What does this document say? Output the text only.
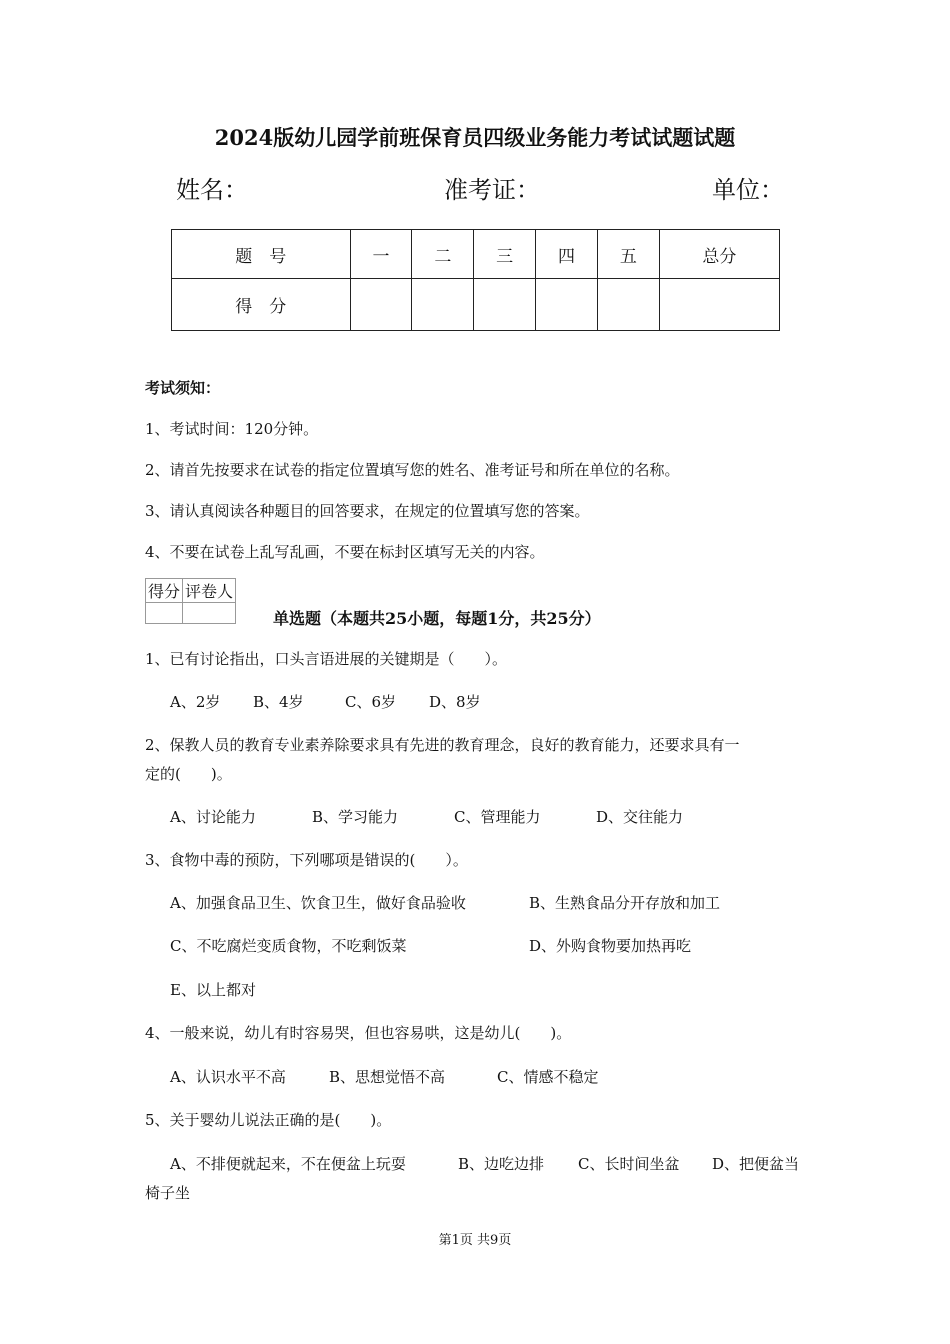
2024版幼儿园学前班保育员四级业务能力考试试题试题
姓名：	准考证：	单位：
题　号	一	二	三	四	五	总分
得　分						
考试须知：
1、考试时间：120分钟。
2、请首先按要求在试卷的指定位置填写您的姓名、准考证号和所在单位的名称。
3、请认真阅读各种题目的回答要求，在规定的位置填写您的答案。
4、不要在试卷上乱写乱画，不要在标封区填写无关的内容。
得分	评卷人

单选题（本题共25小题，每题1分，共25分）
1、已有讨论指出，口头言语进展的关键期是（　　）。
A、2岁 B、4岁	C、6岁 D、8岁
2、保教人员的教育专业素养除要求具有先进的教育理念，良好的教育能力，还要求具有一
定的(　　)。
A、讨论能力	B、学习能力	C、管理能力	D、交往能力
3、食物中毒的预防，下列哪项是错误的(　　）。
A、加强食品卫生、饮食卫生，做好食品验收	B、生熟食品分开存放和加工
C、不吃腐烂变质食物，不吃剩饭菜	D、外购食物要加热再吃
E、以上都对
4、一般来说，幼儿有时容易哭，但也容易哄，这是幼儿(　　)。
A、认识水平不高	B、思想觉悟不高	C、情感不稳定
5、关于婴幼儿说法正确的是(　　)。
A、不排便就起来，不在便盆上玩耍	B、边吃边排 C、长时间坐盆 D、把便盆当
椅子坐
第1页 共9页
